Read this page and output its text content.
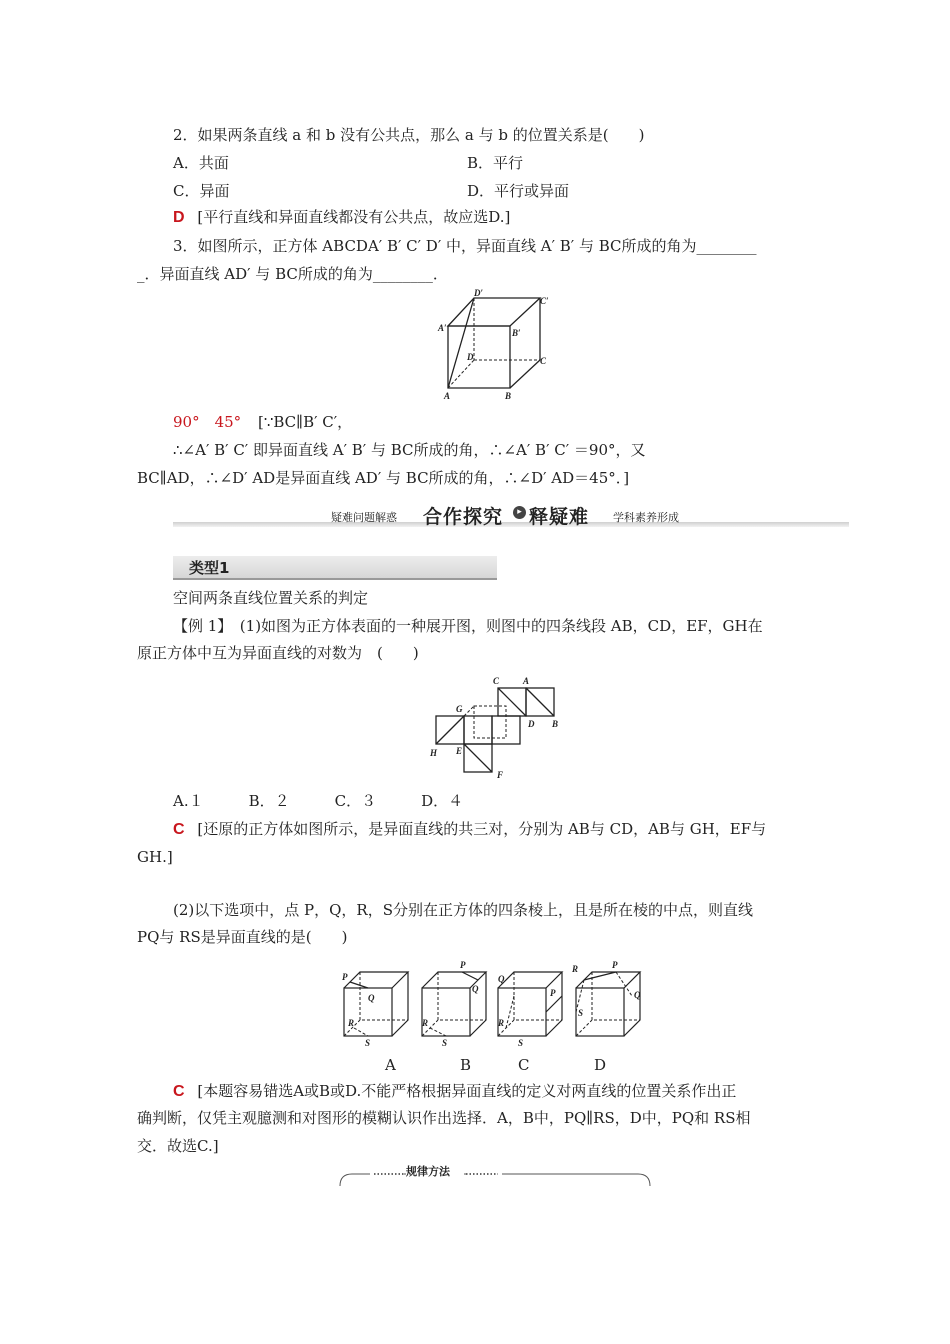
2．如果两条直线 a 和 b 没有公共点，那么 a 与 b 的位置关系是(　　)
A．共面	B．平行
C．异面	D．平行或异面
D [平行直线和异面直线都没有公共点，故应选D.]
3．如图所示，正方体 ABCDA′ B′ C′ D′ 中，异面直线 A′ B′ 与 BC所成的角为________
_．异面直线 AD′ 与 BC所成的角为________．
D′
C′
A′	B′
D	C
A	B
90°　45° [∵BC∥B′ C′，
∴∠A′ B′ C′ 即异面直线 A′ B′ 与 BC所成的角，∴∠A′ B′ C′ ＝90°，又
BC∥AD，∴∠D′ AD是异面直线 AD′ 与 BC所成的角，∴∠D′ AD＝45°．]
疑难问题解惑 合作探究	▸ 释疑难 学科素养形成
类型1
空间两条直线位置关系的判定
【例 1】　(1)如图为正方体表面的一种展开图，则图中的四条线段 AB，CD，EF，GH在
原正方体中互为异面直线的对数为　(　　)
C	A
G
D B
H E
F
A.１　　　B．２　　　C．３　　　D．４
C [还原的正方体如图所示，是异面直线的共三对，分别为 AB与 CD，AB与 GH，EF与
GH.]
(2)以下选项中，点 P，Q，R，S分别在正方体的四条棱上，且是所在棱的中点，则直线
PQ与 RS是异面直线的是(　　)
P
Q
R
S
P
Q
R
S
Q
P
R
S
R	P
Q
S
A	B	C	D
C [本题容易错选A或B或D.不能严格根据异面直线的定义对两直线的位置关系作出正
确判断，仅凭主观臆测和对图形的模糊认识作出选择．A，B中，PQ∥RS，D中，PQ和 RS相
交．故选C.]
规律方法
